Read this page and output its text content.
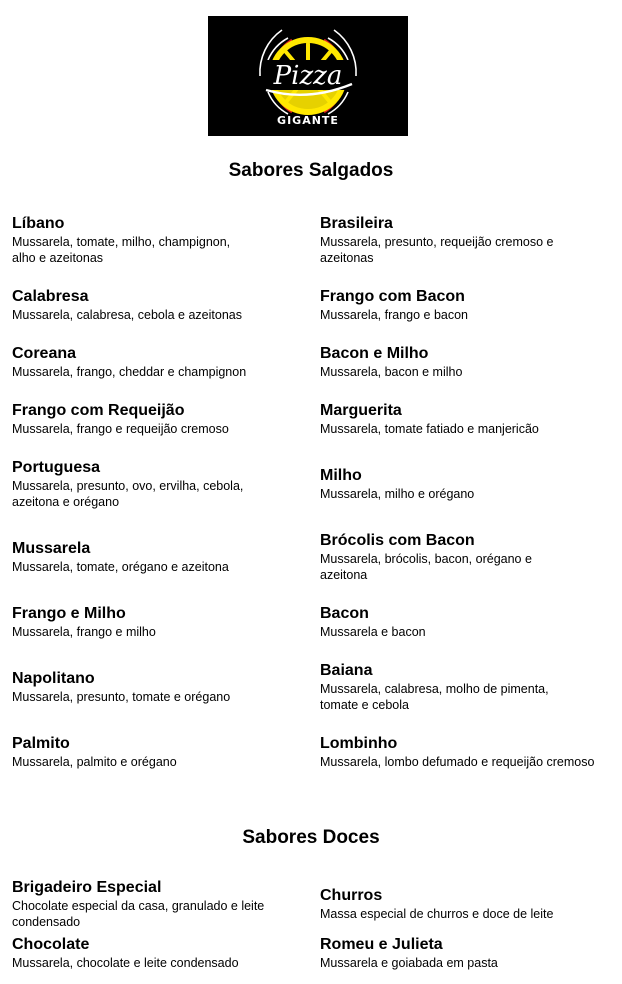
Pizza
GIGANTE
Sabores Salgados
Líbano
Mussarela, tomate, milho, champignon, alho e azeitonas
Calabresa
Mussarela, calabresa, cebola e azeitonas
Coreana
Mussarela, frango, cheddar e champignon
Frango com Requeijão
Mussarela, frango e requeijão cremoso
Portuguesa
Mussarela, presunto, ovo, ervilha, cebola, azeitona e orégano
Mussarela
Mussarela, tomate, orégano e azeitona
Frango e Milho
Mussarela, frango e milho
Napolitano
Mussarela, presunto, tomate e orégano
Palmito
Mussarela, palmito e orégano
Brasileira
Mussarela, presunto, requeijão cremoso e azeitonas
Frango com Bacon
Mussarela, frango e bacon
Bacon e Milho
Mussarela, bacon e milho
Marguerita
Mussarela, tomate fatiado e manjericão
Milho
Mussarela, milho e orégano
Brócolis com Bacon
Mussarela, brócolis, bacon, orégano e azeitona
Bacon
Mussarela e bacon
Baiana
Mussarela, calabresa, molho de pimenta, tomate e cebola
Lombinho
Mussarela, lombo defumado e requeijão cremoso
Sabores Doces
Brigadeiro Especial
Chocolate especial da casa, granulado e leite condensado
Chocolate
Mussarela, chocolate e leite condensado
Churros
Massa especial de churros e doce de leite
Romeu e Julieta
Mussarela e goiabada em pasta
